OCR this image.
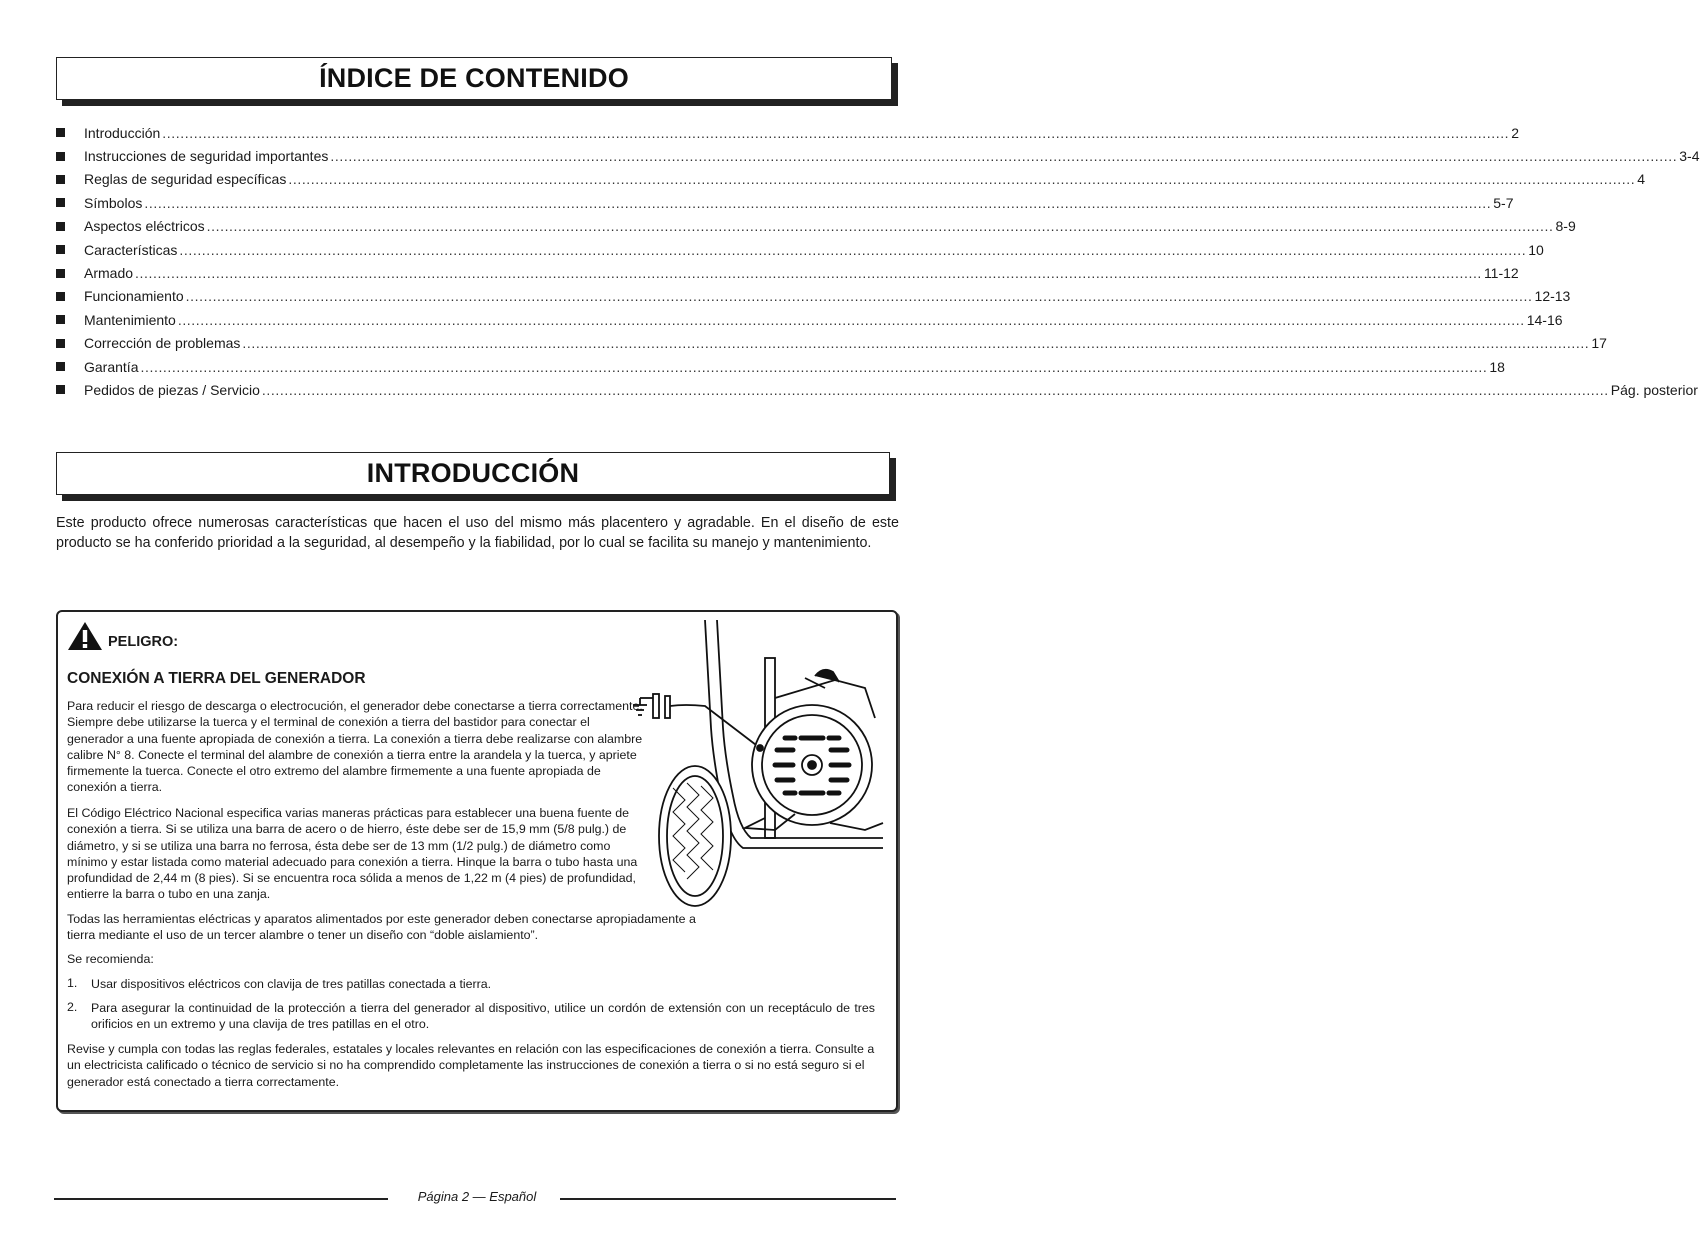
ÍNDICE DE CONTENIDO
Introducción ............................................................................................................................................................................................................................................................................................................ 2
Instrucciones de seguridad importantes ............................................................................................................................................................................................................................................................................................................ 3-4
Reglas de seguridad específicas ............................................................................................................................................................................................................................................................................................................ 4
Símbolos ............................................................................................................................................................................................................................................................................................................ 5-7
Aspectos eléctricos ............................................................................................................................................................................................................................................................................................................ 8-9
Características ............................................................................................................................................................................................................................................................................................................ 10
Armado ............................................................................................................................................................................................................................................................................................................ 11-12
Funcionamiento ............................................................................................................................................................................................................................................................................................................ 12-13
Mantenimiento ............................................................................................................................................................................................................................................................................................................ 14-16
Corrección de problemas ............................................................................................................................................................................................................................................................................................................ 17
Garantía ............................................................................................................................................................................................................................................................................................................ 18
Pedidos de piezas / Servicio ............................................................................................................................................................................................................................................................................................................ Pág. posterior
INTRODUCCIÓN
Este producto ofrece numerosas características que hacen el uso del mismo más placentero y agradable. En el diseño de este producto se ha conferido prioridad a la seguridad, al desempeño y la fiabilidad, por lo cual se facilita su manejo y mantenimiento.
PELIGRO:
CONEXIÓN A TIERRA DEL GENERADOR
Para reducir el riesgo de descarga o electrocución, el generador debe conectarse a tierra correctamente. Siempre debe utilizarse la tuerca y el terminal de conexión a tierra del bastidor para conectar el generador a una fuente apropiada de conexión a tierra. La conexión a tierra debe realizarse con alambre calibre N° 8. Conecte el terminal del alambre de conexión a tierra entre la arandela y la tuerca, y apriete firmemente la tuerca. Conecte el otro extremo del alambre firmemente a una fuente apropiada de conexión a tierra.
El Código Eléctrico Nacional especifica varias maneras prácticas para establecer una buena fuente de conexión a tierra. Si se utiliza una barra de acero o de hierro, éste debe ser de 15,9 mm (5/8 pulg.) de diámetro, y si se utiliza una barra no ferrosa, ésta debe ser de 13 mm (1/2 pulg.) de diámetro como mínimo y estar listada como material adecuado para conexión a tierra. Hinque la barra o tubo hasta una profundidad de 2,44 m (8 pies). Si se encuentra roca sólida a menos de 1,22 m (4 pies) de profundidad, entierre la barra o tubo en una zanja.
Todas las herramientas eléctricas y aparatos alimentados por este generador deben conectarse apropiadamente a tierra mediante el uso de un tercer alambre o tener un diseño con “doble aislamiento”.
Se recomienda:
1. Usar dispositivos eléctricos con clavija de tres patillas conectada a tierra.
2. Para asegurar la continuidad de la protección a tierra del generador al dispositivo, utilice un cordón de extensión con un receptáculo de tres orificios en un extremo y una clavija de tres patillas en el otro.
Revise y cumpla con todas las reglas federales, estatales y locales relevantes en relación con las especificaciones de conexión a tierra. Consulte a un electricista calificado o técnico de servicio si no ha comprendido completamente las instrucciones de conexión a tierra o si no está seguro si el generador está conectado a tierra correctamente.
Página 2 — Español
